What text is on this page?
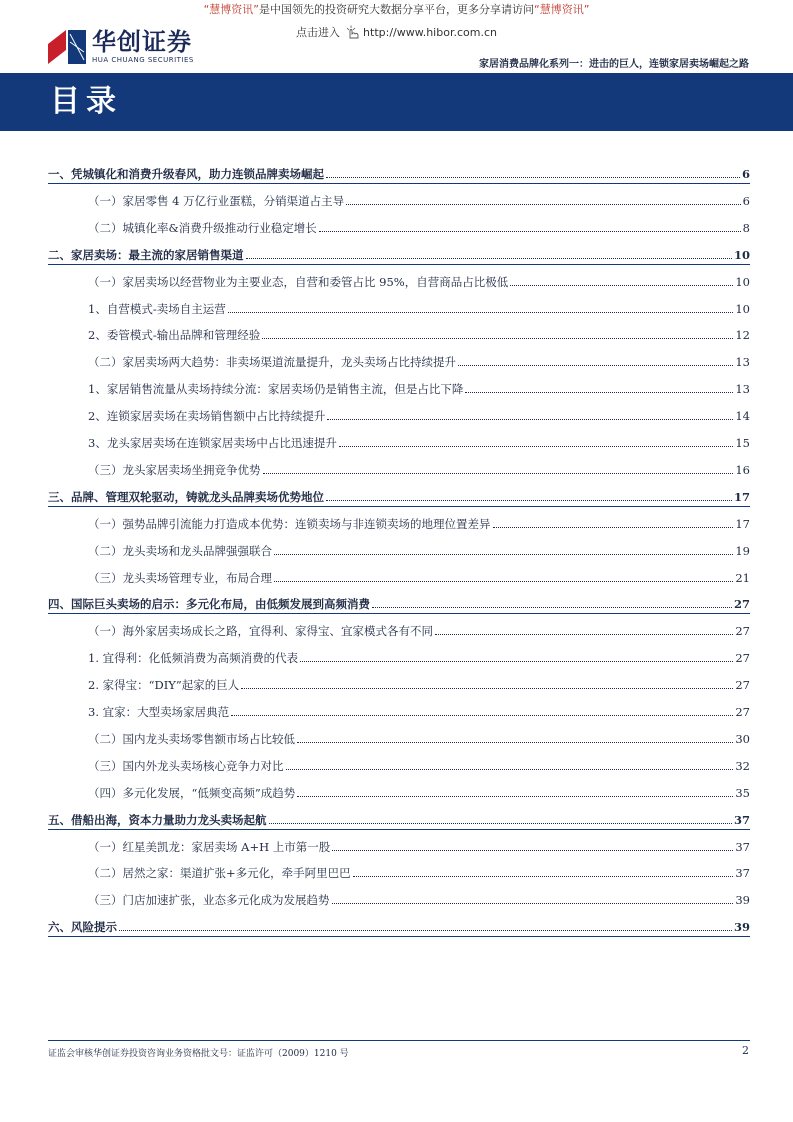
“慧博资讯”是中国领先的投资研究大数据分享平台，更多分享请访问“慧博资讯”
点击进入 http://www.hibor.com.cn
华创证券
HUA CHUANG SECURITIES	家居消费品牌化系列一：进击的巨人，连锁家居卖场崛起之路
目录
一、凭城镇化和消费升级春风，助力连锁品牌卖场崛起	6
（一）家居零售 4 万亿行业蛋糕，分销渠道占主导	6
（二）城镇化率&消费升级推动行业稳定增长	8
二、家居卖场：最主流的家居销售渠道	10
（一）家居卖场以经营物业为主要业态，自营和委管占比 95%，自营商品占比极低	10
1、自营模式-卖场自主运营	10
2、委管模式-输出品牌和管理经验	12
（二）家居卖场两大趋势：非卖场渠道流量提升，龙头卖场占比持续提升	13
1、家居销售流量从卖场持续分流：家居卖场仍是销售主流，但是占比下降	13
2、连锁家居卖场在卖场销售额中占比持续提升	14
3、龙头家居卖场在连锁家居卖场中占比迅速提升	15
（三）龙头家居卖场坐拥竞争优势	16
三、品牌、管理双轮驱动，铸就龙头品牌卖场优势地位	17
（一）强势品牌引流能力打造成本优势：连锁卖场与非连锁卖场的地理位置差异	17
（二）龙头卖场和龙头品牌强强联合	19
（三）龙头卖场管理专业，布局合理	21
四、国际巨头卖场的启示：多元化布局，由低频发展到高频消费	27
（一）海外家居卖场成长之路，宜得利、家得宝、宜家模式各有不同	27
1. 宜得利：化低频消费为高频消费的代表	27
2. 家得宝：“DIY”起家的巨人	27
3. 宜家：大型卖场家居典范	27
（二）国内龙头卖场零售额市场占比较低	30
（三）国内外龙头卖场核心竞争力对比	32
（四）多元化发展，“低频变高频”成趋势	35
五、借船出海，资本力量助力龙头卖场起航	37
（一）红星美凯龙：家居卖场 A+H 上市第一股	37
（二）居然之家：渠道扩张+多元化，牵手阿里巴巴	37
（三）门店加速扩张，业态多元化成为发展趋势	39
六、风险提示	39
证监会审核华创证券投资咨询业务资格批文号：证监许可（2009）1210 号	2
